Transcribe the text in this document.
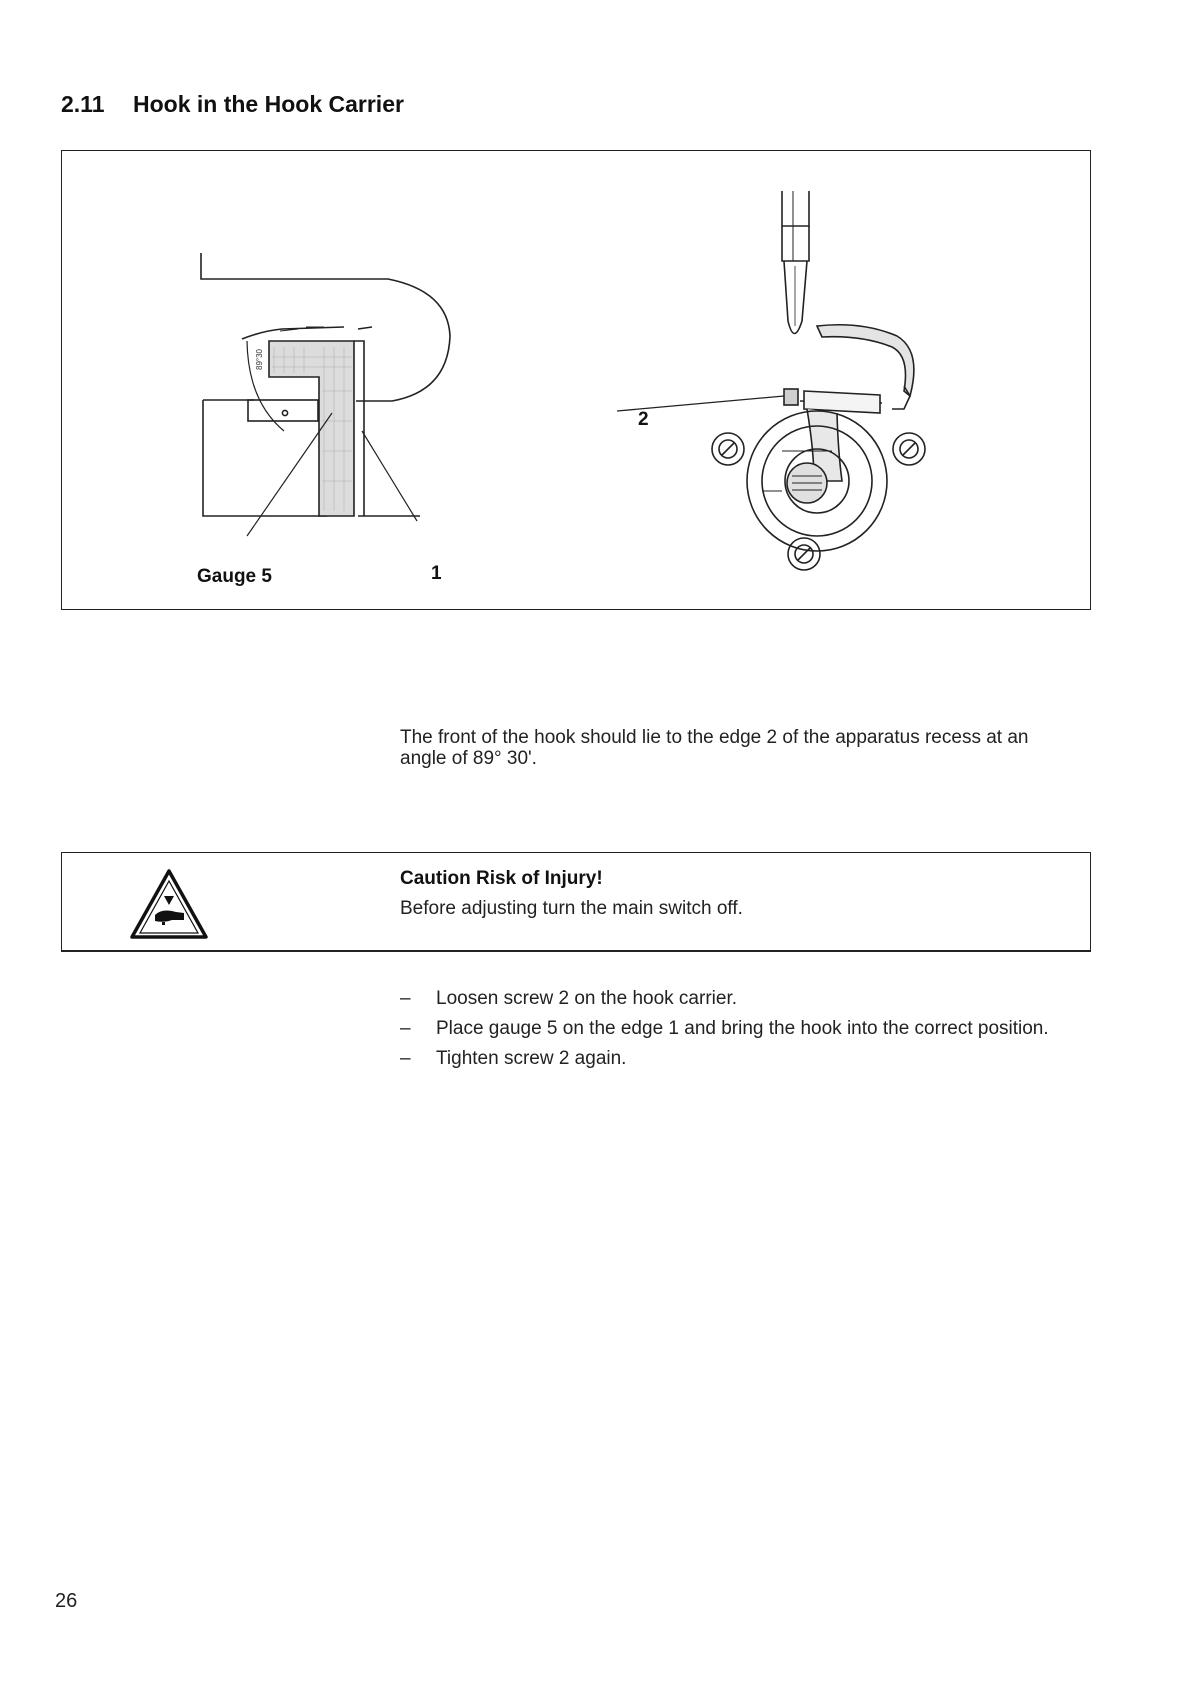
2.11 Hook in the Hook Carrier
89°30
Gauge 5	1
2
The front of the hook should lie to the edge 2 of the apparatus recess at an angle of 89° 30'.
Caution Risk of Injury!
Before adjusting turn the main switch off.
– Loosen screw 2 on the hook carrier.
– Place gauge 5 on the edge 1 and bring the hook into the correct position.
– Tighten screw 2 again.
26
